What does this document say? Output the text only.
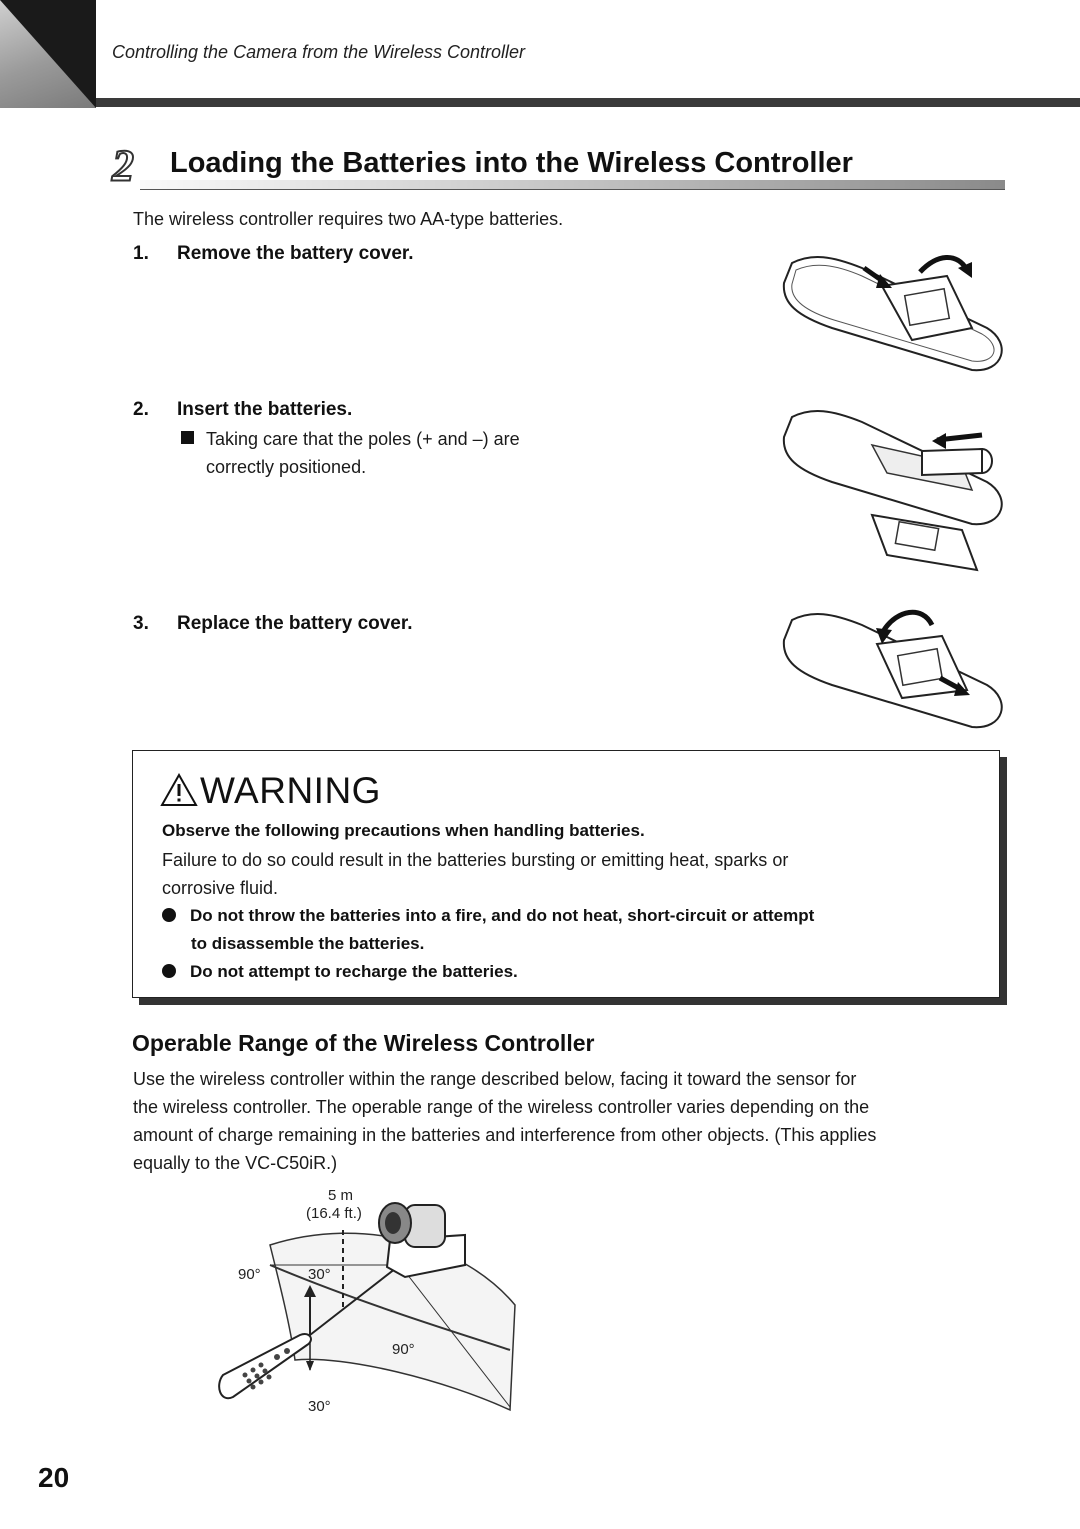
Controlling the Camera from the Wireless Controller
2 Loading the Batteries into the Wireless Controller
The wireless controller requires two AA-type batteries.
1. Remove the battery cover.
2. Insert the batteries.
Taking care that the poles (+ and –) are
correctly positioned.
3. Replace the battery cover.
WARNING
Observe the following precautions when handling batteries.
Failure to do so could result in the batteries bursting or emitting heat, sparks or
corrosive fluid.
Do not throw the batteries into a fire, and do not heat, short-circuit or attempt
to disassemble the batteries.
Do not attempt to recharge the batteries.
Operable Range of the Wireless Controller
Use the wireless controller within the range described below, facing it toward the sensor for
the wireless controller. The operable range of the wireless controller varies depending on the
amount of charge remaining in the batteries and interference from other objects. (This applies
equally to the VC-C50iR.)
5 m
(16.4 ft.)
90°	30°
90°
30°
20
